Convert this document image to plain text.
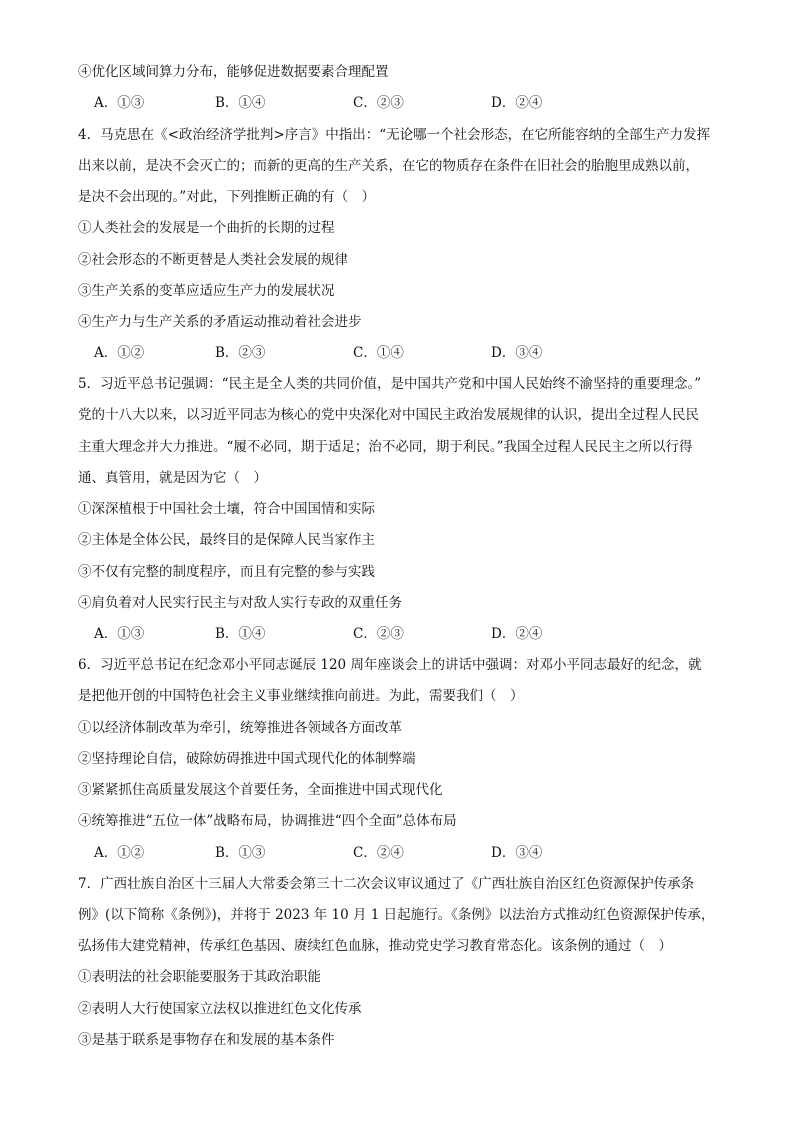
④优化区域间算力分布，能够促进数据要素合理配置
A．①③	B．①④	C．②③	D．②④
4．马克思在《<政治经济学批判>序言》中指出：“无论哪一个社会形态，在它所能容纳的全部生产力发挥
出来以前，是决不会灭亡的；而新的更高的生产关系，在它的物质存在条件在旧社会的胎胞里成熟以前，
是决不会出现的。”对此，下列推断正确的有（　）
①人类社会的发展是一个曲折的长期的过程
②社会形态的不断更替是人类社会发展的规律
③生产关系的变革应适应生产力的发展状况
④生产力与生产关系的矛盾运动推动着社会进步
A．①②	B．②③	C．①④	D．③④
5．习近平总书记强调：“民主是全人类的共同价值，是中国共产党和中国人民始终不渝坚持的重要理念。”
党的十八大以来，以习近平同志为核心的党中央深化对中国民主政治发展规律的认识，提出全过程人民民
主重大理念并大力推进。“履不必同，期于适足；治不必同，期于利民。”我国全过程人民民主之所以行得
通、真管用，就是因为它（　）
①深深植根于中国社会土壤，符合中国国情和实际
②主体是全体公民，最终目的是保障人民当家作主
③不仅有完整的制度程序，而且有完整的参与实践
④肩负着对人民实行民主与对敌人实行专政的双重任务
A．①③	B．①④	C．②③	D．②④
6．习近平总书记在纪念邓小平同志诞辰 120 周年座谈会上的讲话中强调：对邓小平同志最好的纪念，就
是把他开创的中国特色社会主义事业继续推向前进。为此，需要我们（　）
①以经济体制改革为牵引，统筹推进各领域各方面改革
②坚持理论自信，破除妨碍推进中国式现代化的体制弊端
③紧紧抓住高质量发展这个首要任务，全面推进中国式现代化
④统筹推进“五位一体”战略布局，协调推进“四个全面”总体布局
A．①②	B．①③	C．②④	D．③④
7．广西壮族自治区十三届人大常委会第三十二次会议审议通过了《广西壮族自治区红色资源保护传承条
例》(以下简称《条例》)，并将于 2023 年 10 月 1 日起施行。《条例》以法治方式推动红色资源保护传承，
弘扬伟大建党精神，传承红色基因、赓续红色血脉，推动党史学习教育常态化。该条例的通过（　）
①表明法的社会职能要服务于其政治职能
②表明人大行使国家立法权以推进红色文化传承
③是基于联系是事物存在和发展的基本条件
